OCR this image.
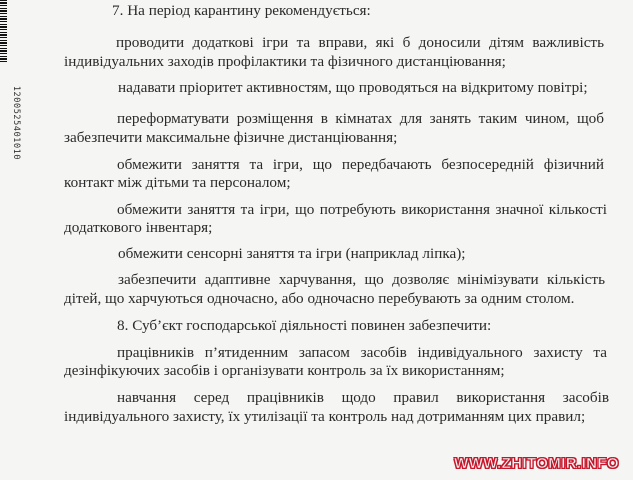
1200525401010
7. На період карантину рекомендується:
проводити додаткові ігри та вправи, які б доносили дітям важливість
індивідуальних заходів профілактики та фізичного дистанціювання;
надавати пріоритет активностям, що проводяться на відкритому повітрі;
переформатувати розміщення в кімнатах для занять таким чином, щоб
забезпечити максимальне фізичне дистанціювання;
обмежити заняття та ігри, що передбачають безпосередній фізичний
контакт між дітьми та персоналом;
обмежити заняття та ігри, що потребують використання значної кількості
додаткового інвентаря;
обмежити сенсорні заняття та ігри (наприклад ліпка);
забезпечити адаптивне харчування, що дозволяє мінімізувати кількість
дітей, що харчуються одночасно, або одночасно перебувають за одним столом.
8. Суб’єкт господарської діяльності повинен забезпечити:
працівників п’ятиденним запасом засобів індивідуального захисту та
дезінфікуючих засобів і організувати контроль за їх використанням;
навчання серед працівників щодо правил використання засобів
індивідуального захисту, їх утилізації та контроль над дотриманням цих правил;
WWW.ZHITOMIR.INFO
